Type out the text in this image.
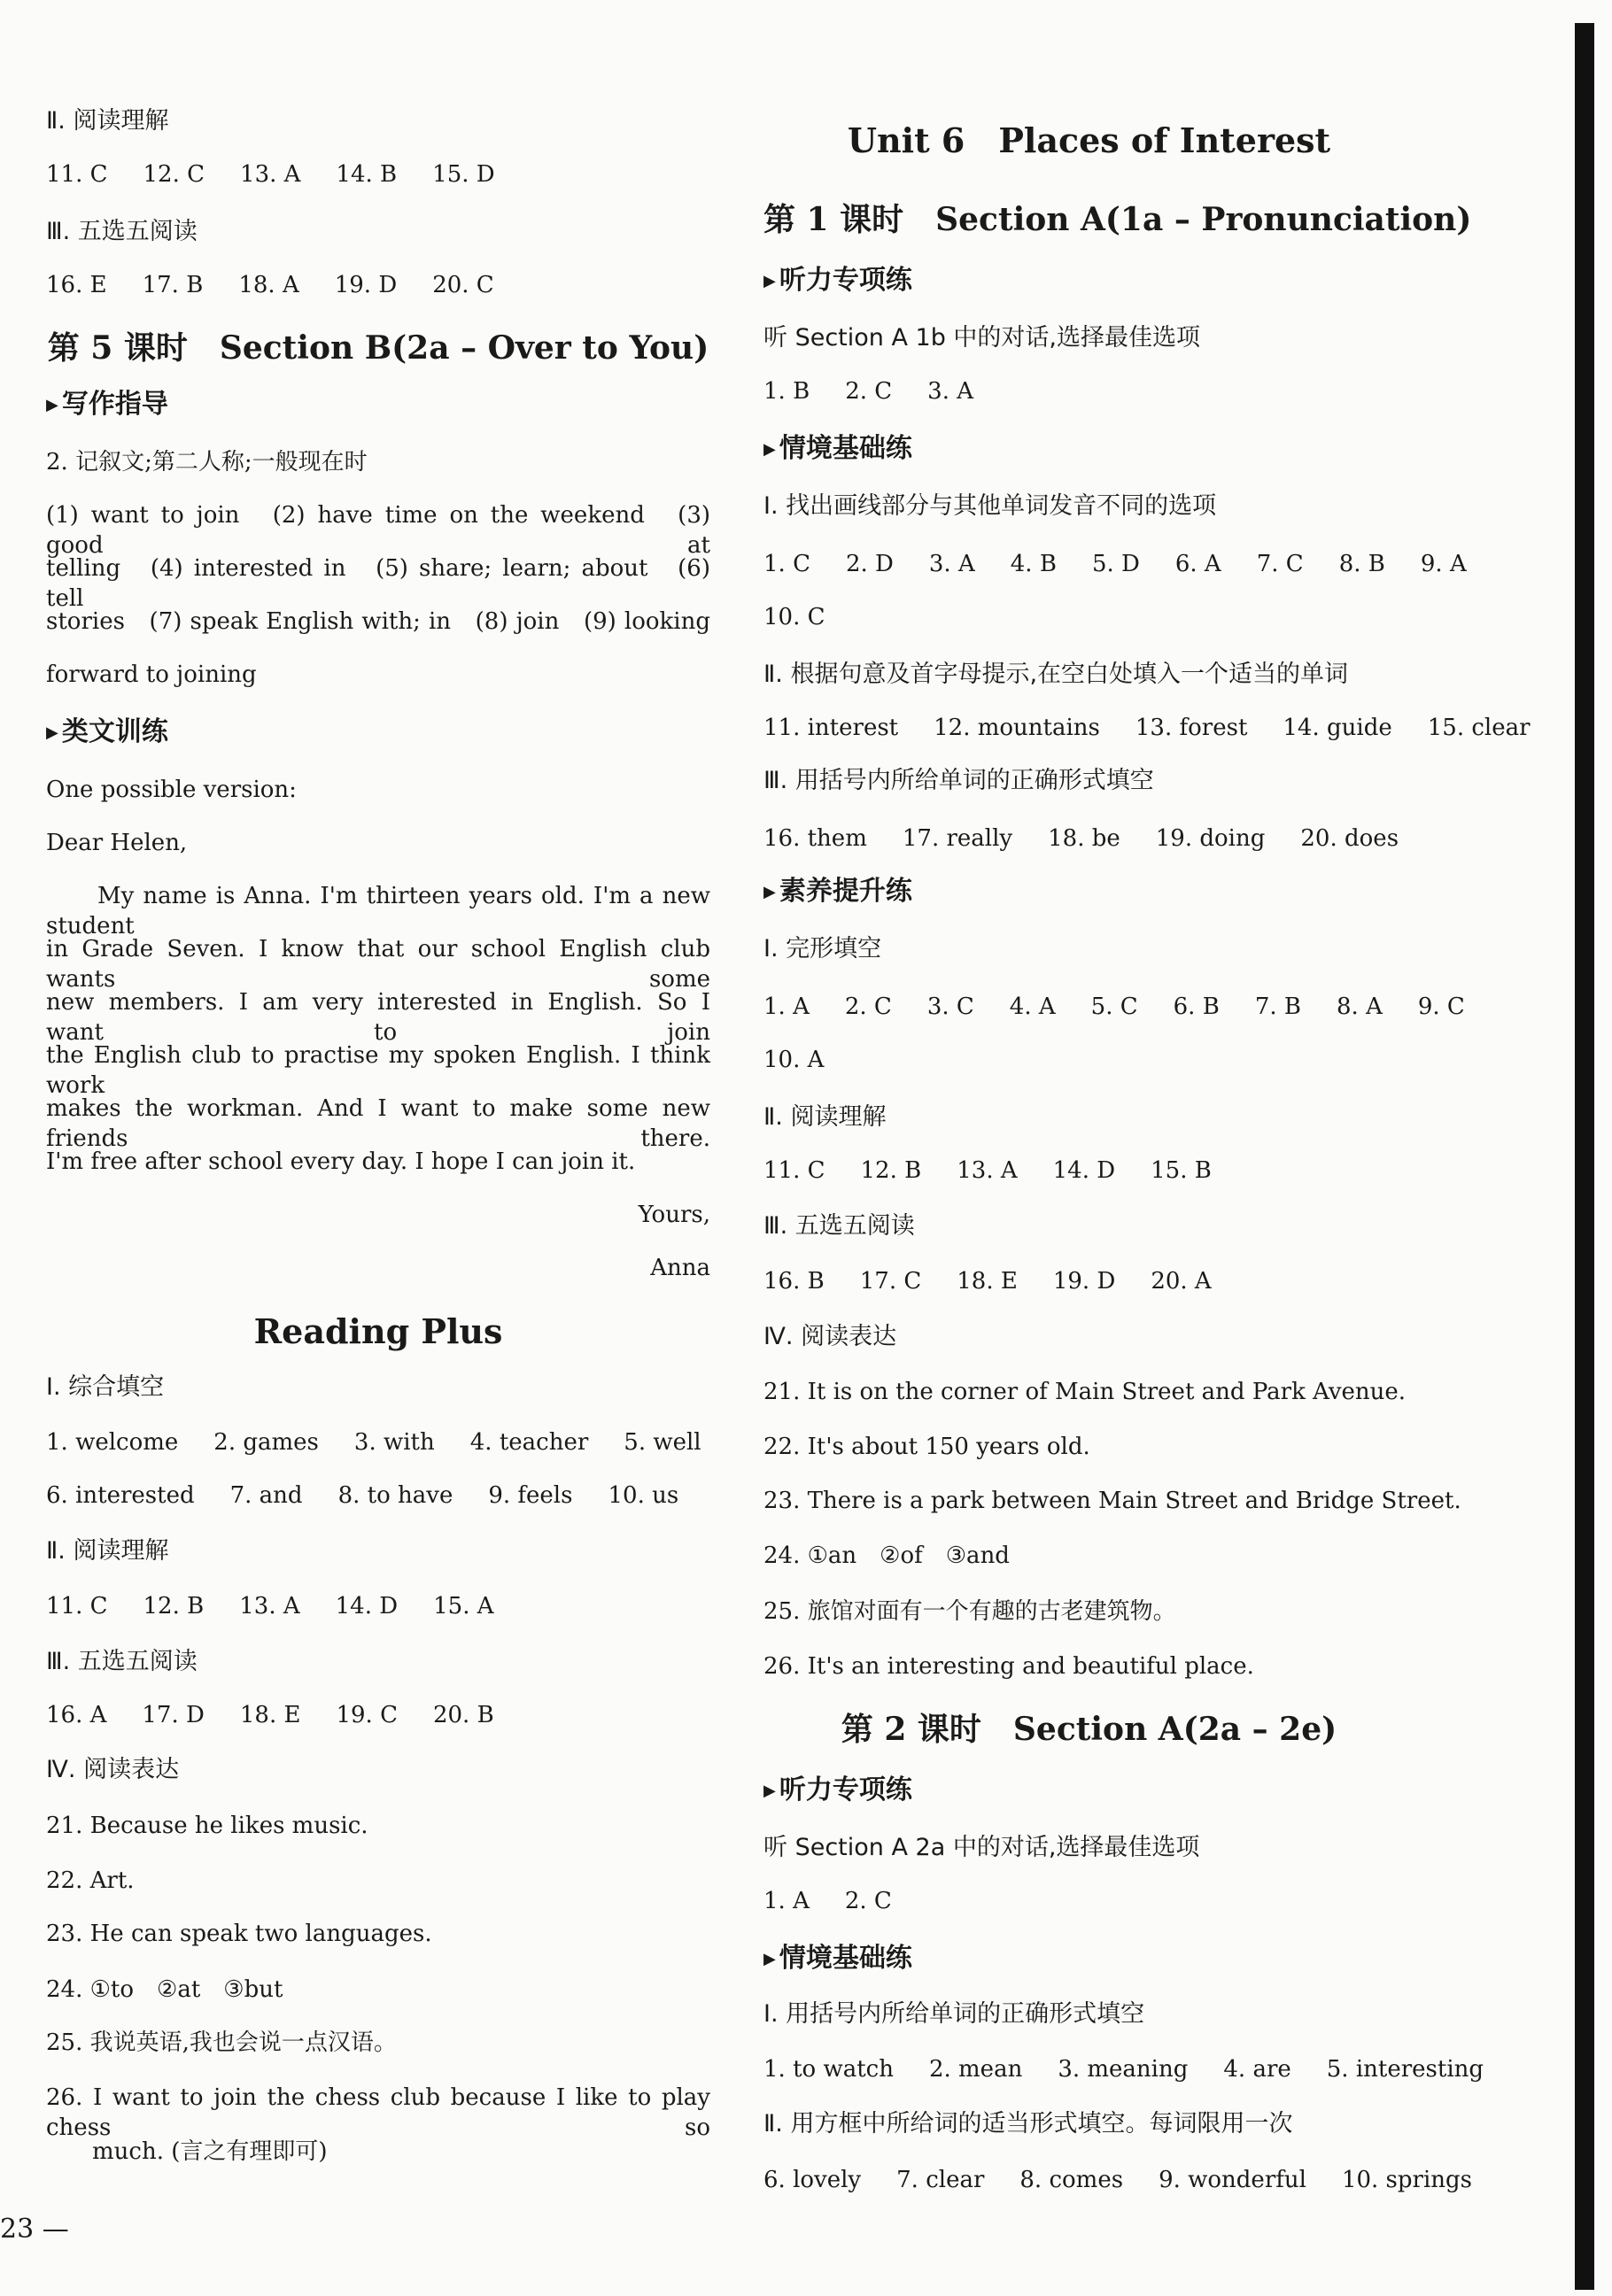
Ⅱ. 阅读理解
11. C 12. C 13. A 14. B 15. D
Ⅲ. 五选五阅读
16. E 17. B 18. A 19. D 20. C
第 5 课时　Section B(2a – Over to You)
▶ 写作指导
2. 记叙文;第二人称;一般现在时
(1) want to join　(2) have time on the weekend　(3) good at
telling　(4) interested in　(5) share; learn; about　(6) tell
stories　(7) speak English with; in　(8) join　(9) looking
forward to joining
▶ 类文训练
One possible version:
Dear Helen,
My name is Anna. I'm thirteen years old. I'm a new student
in Grade Seven. I know that our school English club wants some
new members. I am very interested in English. So I want to join
the English club to practise my spoken English. I think work
makes the workman. And I want to make some new friends there.
I'm free after school every day. I hope I can join it.
Yours,
Anna
Reading Plus
Ⅰ. 综合填空
1. welcome 2. games 3. with 4. teacher 5. well
6. interested 7. and 8. to have 9. feels 10. us
Ⅱ. 阅读理解
11. C 12. B 13. A 14. D 15. A
Ⅲ. 五选五阅读
16. A 17. D 18. E 19. C 20. B
Ⅳ. 阅读表达
21. Because he likes music.
22. Art.
23. He can speak two languages.
24. ①to　②at　③but
25. 我说英语,我也会说一点汉语。
26. I want to join the chess club because I like to play chess so
　　much. (言之有理即可)
Unit 6　Places of Interest
第 1 课时　Section A(1a – Pronunciation)
▶ 听力专项练
听 Section A 1b 中的对话,选择最佳选项
1. B 2. C 3. A
▶ 情境基础练
Ⅰ. 找出画线部分与其他单词发音不同的选项
1. C 2. D 3. A 4. B 5. D 6. A 7. C 8. B 9. A
10. C
Ⅱ. 根据句意及首字母提示,在空白处填入一个适当的单词
11. interest 12. mountains 13. forest 14. guide 15. clear
Ⅲ. 用括号内所给单词的正确形式填空
16. them 17. really 18. be 19. doing 20. does
▶ 素养提升练
Ⅰ. 完形填空
1. A 2. C 3. C 4. A 5. C 6. B 7. B 8. A 9. C
10. A
Ⅱ. 阅读理解
11. C 12. B 13. A 14. D 15. B
Ⅲ. 五选五阅读
16. B 17. C 18. E 19. D 20. A
Ⅳ. 阅读表达
21. It is on the corner of Main Street and Park Avenue.
22. It's about 150 years old.
23. There is a park between Main Street and Bridge Street.
24. ①an　②of　③and
25. 旅馆对面有一个有趣的古老建筑物。
26. It's an interesting and beautiful place.
第 2 课时　Section A(2a – 2e)
▶ 听力专项练
听 Section A 2a 中的对话,选择最佳选项
1. A 2. C
▶ 情境基础练
Ⅰ. 用括号内所给单词的正确形式填空
1. to watch 2. mean 3. meaning 4. are 5. interesting
Ⅱ. 用方框中所给词的适当形式填空。每词限用一次
6. lovely 7. clear 8. comes 9. wonderful 10. springs
23 —
